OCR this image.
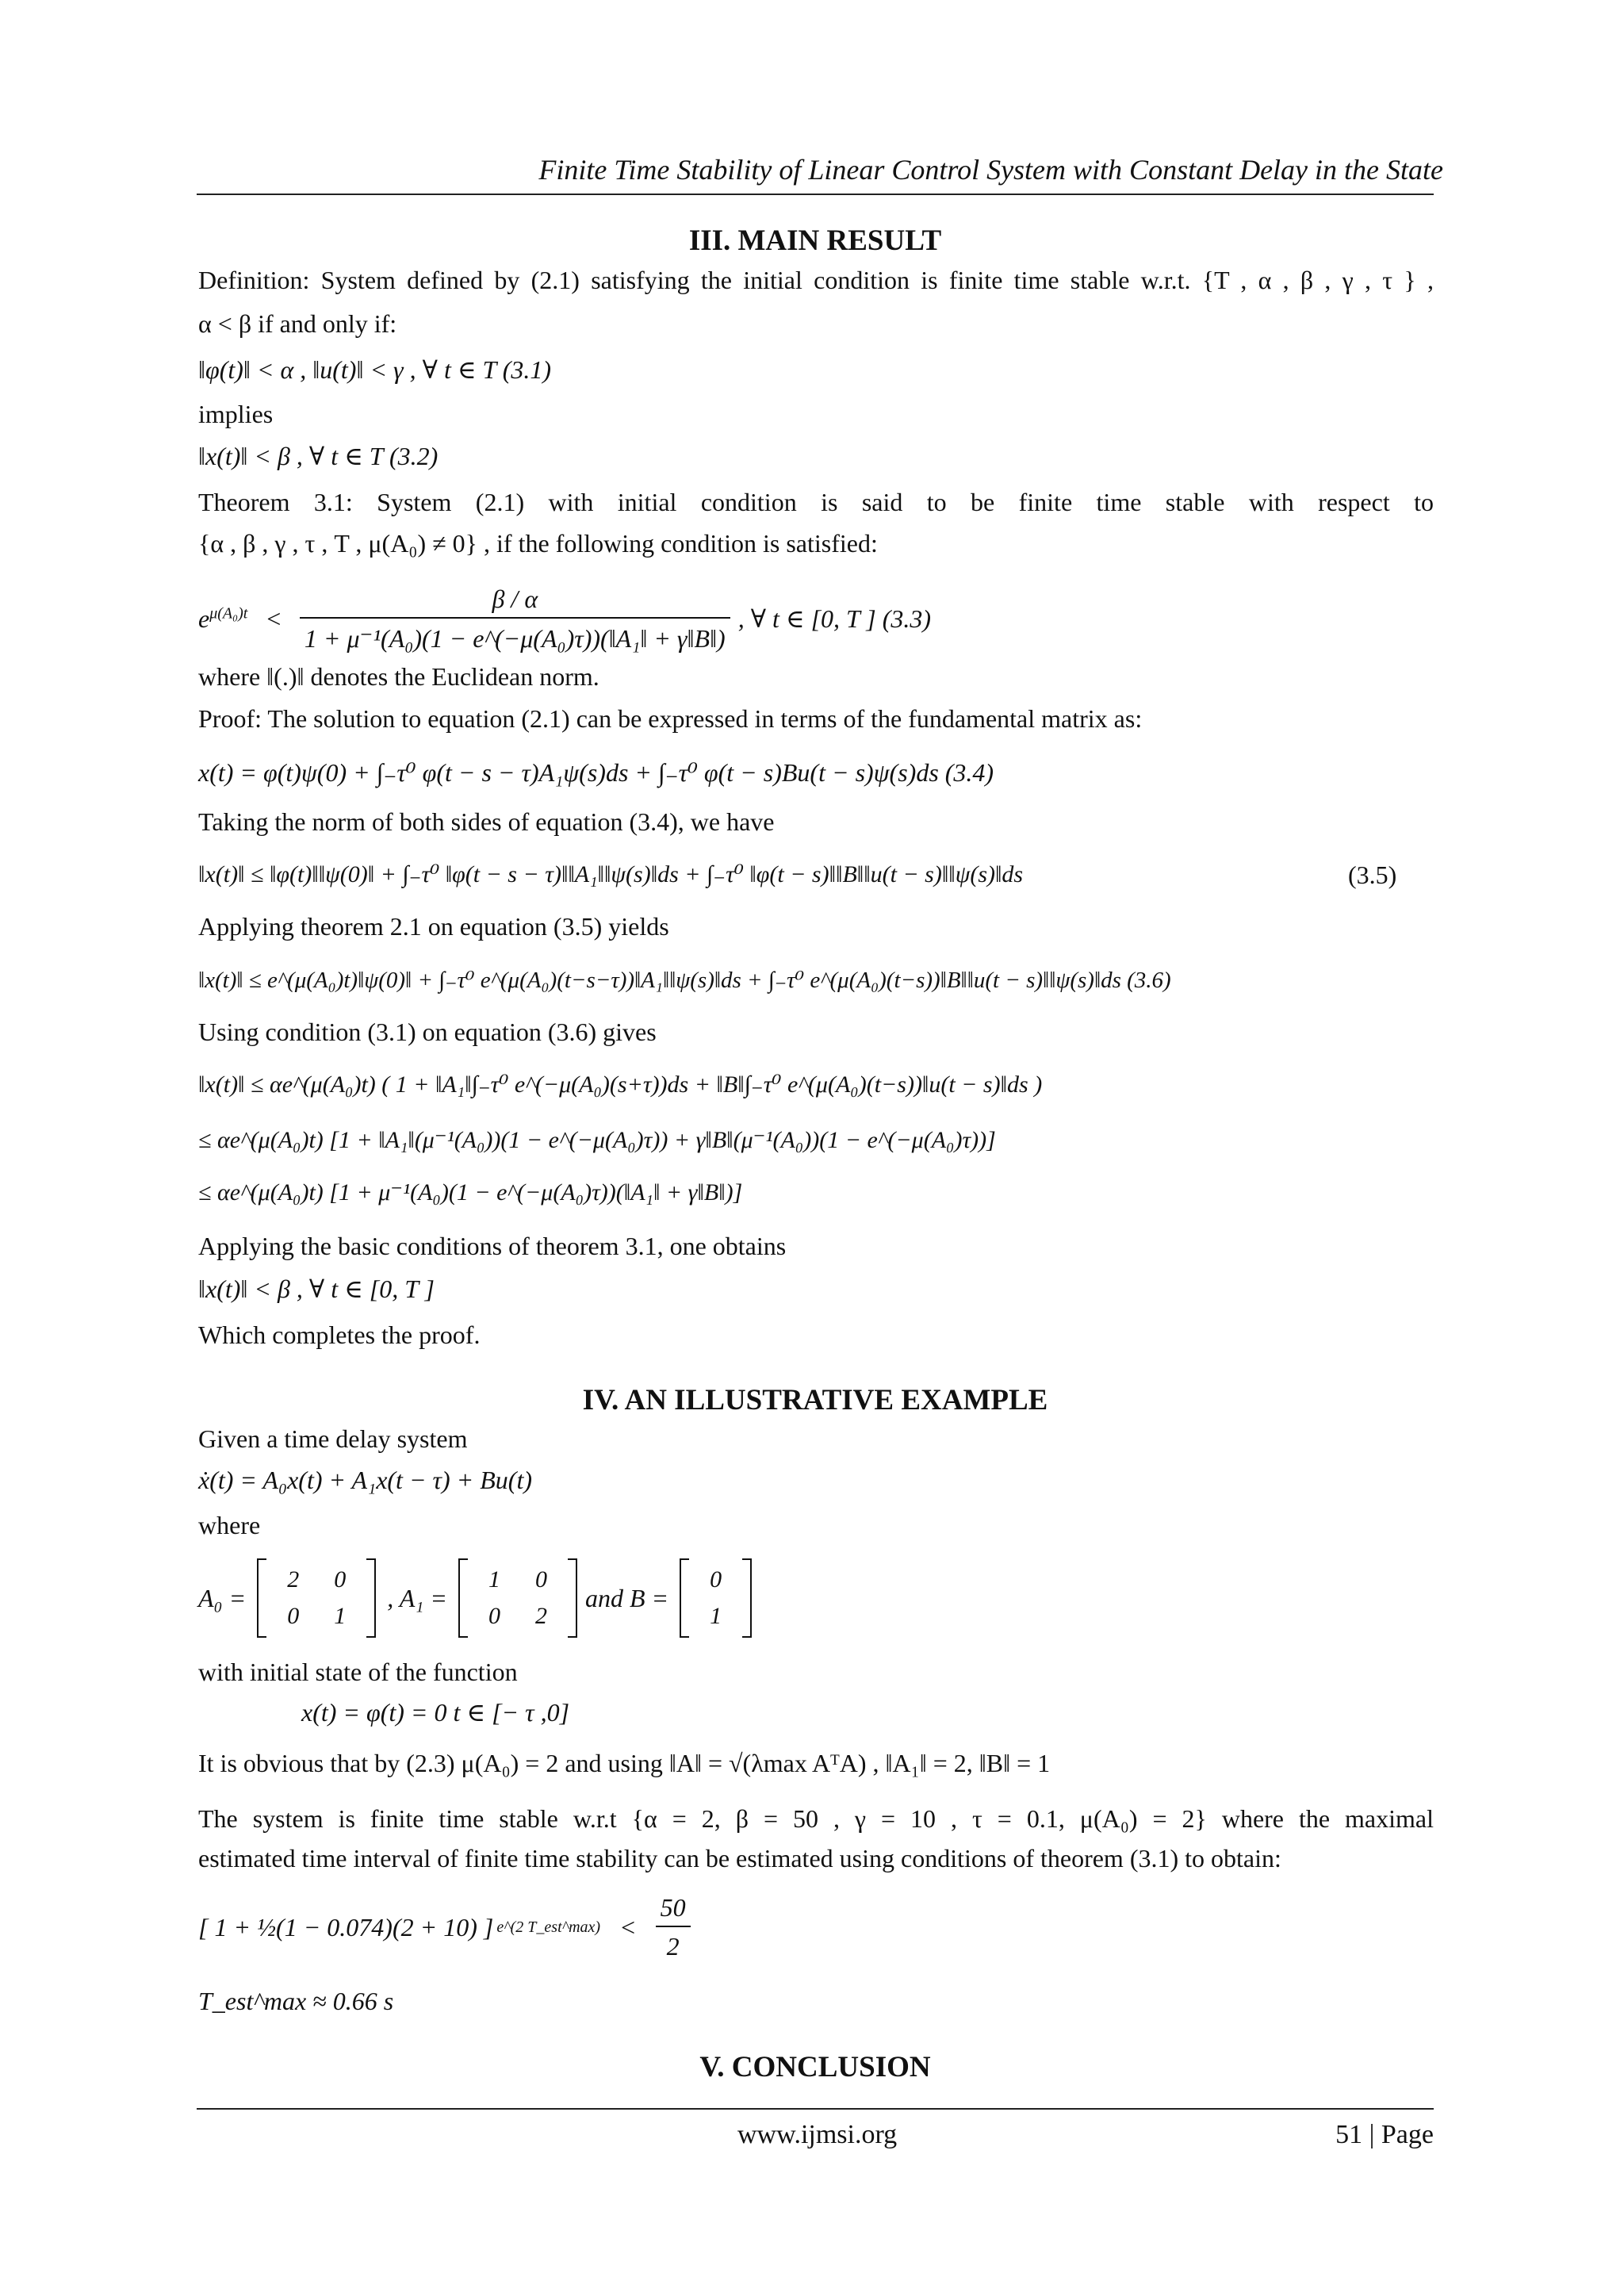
Finite Time Stability of Linear Control System with Constant Delay in the State
III. MAIN RESULT
Definition: System defined by (2.1) satisfying the initial condition is finite time stable w.r.t. {T , α , β , γ , τ } ,
α < β if and only if:
‖φ(t)‖ < α , ‖u(t)‖ < γ , ∀ t ∈ T (3.1)
implies
‖x(t)‖ < β , ∀ t ∈ T (3.2)
Theorem 3.1: System (2.1) with initial condition is said to be finite time stable with respect to
{α , β , γ , τ , T , μ(A₀) ≠ 0} , if the following condition is satisfied:
$e^{\mu(A_0)t} < \frac{\beta / \alpha}{\text{1 + μ⁻¹(A₀)(1 − e\textasciicircum{}(−μ(A₀)τ))(‖A₁‖ + γ‖B‖)}}$ , ∀ t ∈ [0, T ] (3.3)
where ‖(.)‖ denotes the Euclidean norm.
Proof: The solution to equation (2.1) can be expressed in terms of the fundamental matrix as:
x(t) = φ(t)ψ(0) + ∫₋τ⁰ φ(t − s − τ)A₁ψ(s)ds + ∫₋τ⁰ φ(t − s)Bu(t − s)ψ(s)ds (3.4)
Taking the norm of both sides of equation (3.4), we have
‖x(t)‖ ≤ ‖φ(t)‖‖ψ(0)‖ + ∫₋τ⁰ ‖φ(t − s − τ)‖‖A₁‖‖ψ(s)‖ds + ∫₋τ⁰ ‖φ(t − s)‖‖B‖‖u(t − s)‖‖ψ(s)‖ds	(3.5)
Applying theorem 2.1 on equation (3.5) yields
‖x(t)‖ ≤ e^(μ(A₀)t)‖ψ(0)‖ + ∫₋τ⁰ e^(μ(A₀)(t−s−τ))‖A₁‖‖ψ(s)‖ds + ∫₋τ⁰ e^(μ(A₀)(t−s))‖B‖‖u(t − s)‖‖ψ(s)‖ds (3.6)
Using condition (3.1) on equation (3.6) gives
‖x(t)‖ ≤ αe^(μ(A₀)t) ( 1 + ‖A₁‖∫₋τ⁰ e^(−μ(A₀)(s+τ))ds + ‖B‖∫₋τ⁰ e^(μ(A₀)(t−s))‖u(t − s)‖ds )
≤ αe^(μ(A₀)t) [1 + ‖A₁‖(μ⁻¹(A₀))(1 − e^(−μ(A₀)τ)) + γ‖B‖(μ⁻¹(A₀))(1 − e^(−μ(A₀)τ))]
≤ αe^(μ(A₀)t) [1 + μ⁻¹(A₀)(1 − e^(−μ(A₀)τ))(‖A₁‖ + γ‖B‖)]
Applying the basic conditions of theorem 3.1, one obtains
‖x(t)‖ < β , ∀ t ∈ [0, T ]
Which completes the proof.
IV. AN ILLUSTRATIVE EXAMPLE
Given a time delay system
ẋ(t) = A₀x(t) + A₁x(t − τ) + Bu(t)
where
A₀ =
2	0
0	1
, A₁ =
1	0
0	2
and B =
0
1
with initial state of the function
x(t) = φ(t) = 0 t ∈ [− τ ,0]
It is obvious that by (2.3) μ(A₀) = 2 and using ‖A‖ = √(λmax AᵀA) , ‖A₁‖ = 2, ‖B‖ = 1
The system is finite time stable w.r.t {α = 2, β = 50 , γ = 10 , τ = 0.1, μ(A₀) = 2} where the maximal
estimated time interval of finite time stability can be estimated using conditions of theorem (3.1) to obtain:
[ 1 + ½(1 − 0.074)(2 + 10) ] e^(2 T_est^max) < $\frac{50}{2}$
T_est^max ≈ 0.66 s
V. CONCLUSION
www.ijmsi.org	51 | Page
